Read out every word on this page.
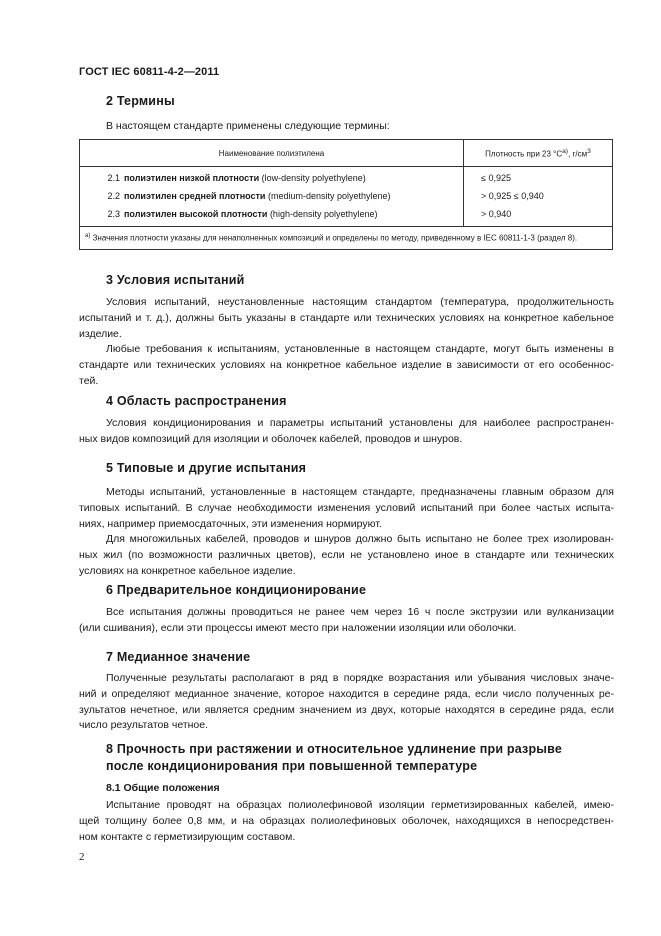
ГОСТ IEC 60811-4-2—2011
2 Термины
В настоящем стандарте применены следующие термины:
Наименование полиэтилена	Плотность при 23 $^\circ С^{а)}$, $г/см^3$
2.1 полиэтилен низкой плотности (low-density polyethylene)	≤ 0,925
2.2 полиэтилен средней плотности (medium-density polyethylene)	> 0,925 ≤ 0,940
2.3 полиэтилен высокой плотности (high-density polyethylene)	> 0,940
$^{а)}$ Значения плотности указаны для ненаполненных композиций и определены по методу, приведенному в IEC 60811-1-3 (раздел 8).	
3 Условия испытаний
Условия испытаний, неустановленные настоящим стандартом (температура, продолжительность
испытаний и т. д.), должны быть указаны в стандарте или технических условиях на конкретное кабельное
изделие.
Любые требования к испытаниям, установленные в настоящем стандарте, могут быть изменены в
стандарте или технических условиях на конкретное кабельное изделие в зависимости от его особеннос-
тей.
4 Область распространения
Условия кондиционирования и параметры испытаний установлены для наиболее распространен-
ных видов композиций для изоляции и оболочек кабелей, проводов и шнуров.
5 Типовые и другие испытания
Методы испытаний, установленные в настоящем стандарте, предназначены главным образом для
типовых испытаний. В случае необходимости изменения условий испытаний при более частых испыта-
ниях, например приемосдаточных, эти изменения нормируют.
Для многожильных кабелей, проводов и шнуров должно быть испытано не более трех изолирован-
ных жил (по возможности различных цветов), если не установлено иное в стандарте или технических
условиях на конкретное кабельное изделие.
6 Предварительное кондиционирование
Все испытания должны проводиться не ранее чем через 16 ч после экструзии или вулканизации
(или сшивания), если эти процессы имеют место при наложении изоляции или оболочки.
7 Медианное значение
Полученные результаты располагают в ряд в порядке возрастания или убывания числовых значе-
ний и определяют медианное значение, которое находится в середине ряда, если число полученных ре-
зультатов нечетное, или является средним значением из двух, которые находятся в середине ряда, если
число результатов четное.
8 Прочность при растяжении и относительное удлинение при разрыве
после кондиционирования при повышенной температуре
8.1 Общие положения
Испытание проводят на образцах полиолефиновой изоляции герметизированных кабелей, имею-
щей толщину более 0,8 мм, и на образцах полиолефиновых оболочек, находящихся в непосредствен-
ном контакте с герметизирующим составом.
2
